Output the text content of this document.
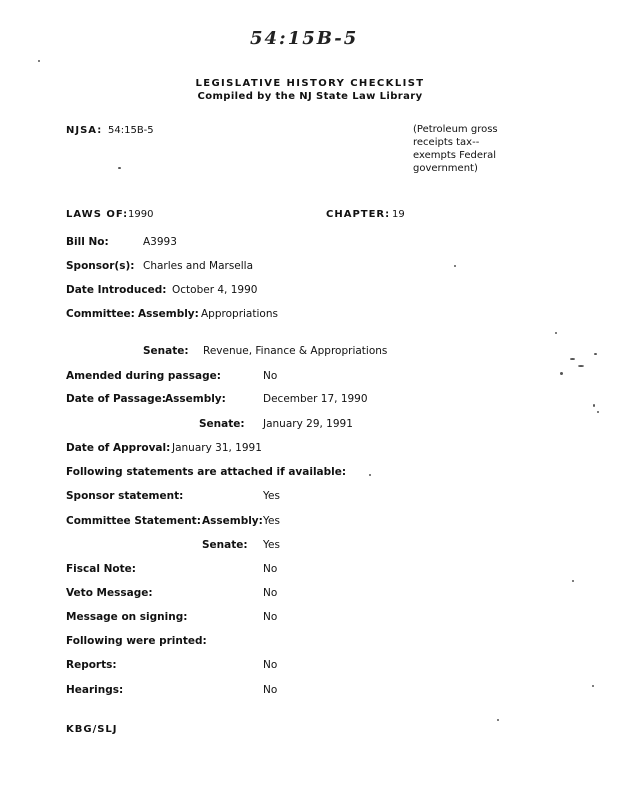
54:15B-5
LEGISLATIVE HISTORY CHECKLIST
Compiled by the NJ State Law Library
NJSA: 54:15B-5	(Petroleum gross
receipts tax--
exempts Federal
government)
LAWS OF: 1990	CHAPTER: 19
Bill No:	A3993
Sponsor(s): Charles and Marsella
Date Introduced: October 4, 1990
Committee: Assembly: Appropriations
Senate: Revenue, Finance & Appropriations
Amended during passage:	No
Date of Passage: Assembly:	December 17, 1990
Senate: January 29, 1991
Date of Approval: January 31, 1991
Following statements are attached if available:
Sponsor statement:	Yes
Committee Statement: Assembly: Yes
Senate: Yes
Fiscal Note:	No
Veto Message:	No
Message on signing:	No
Following were printed:
Reports:	No
Hearings:	No
KBG/SLJ
